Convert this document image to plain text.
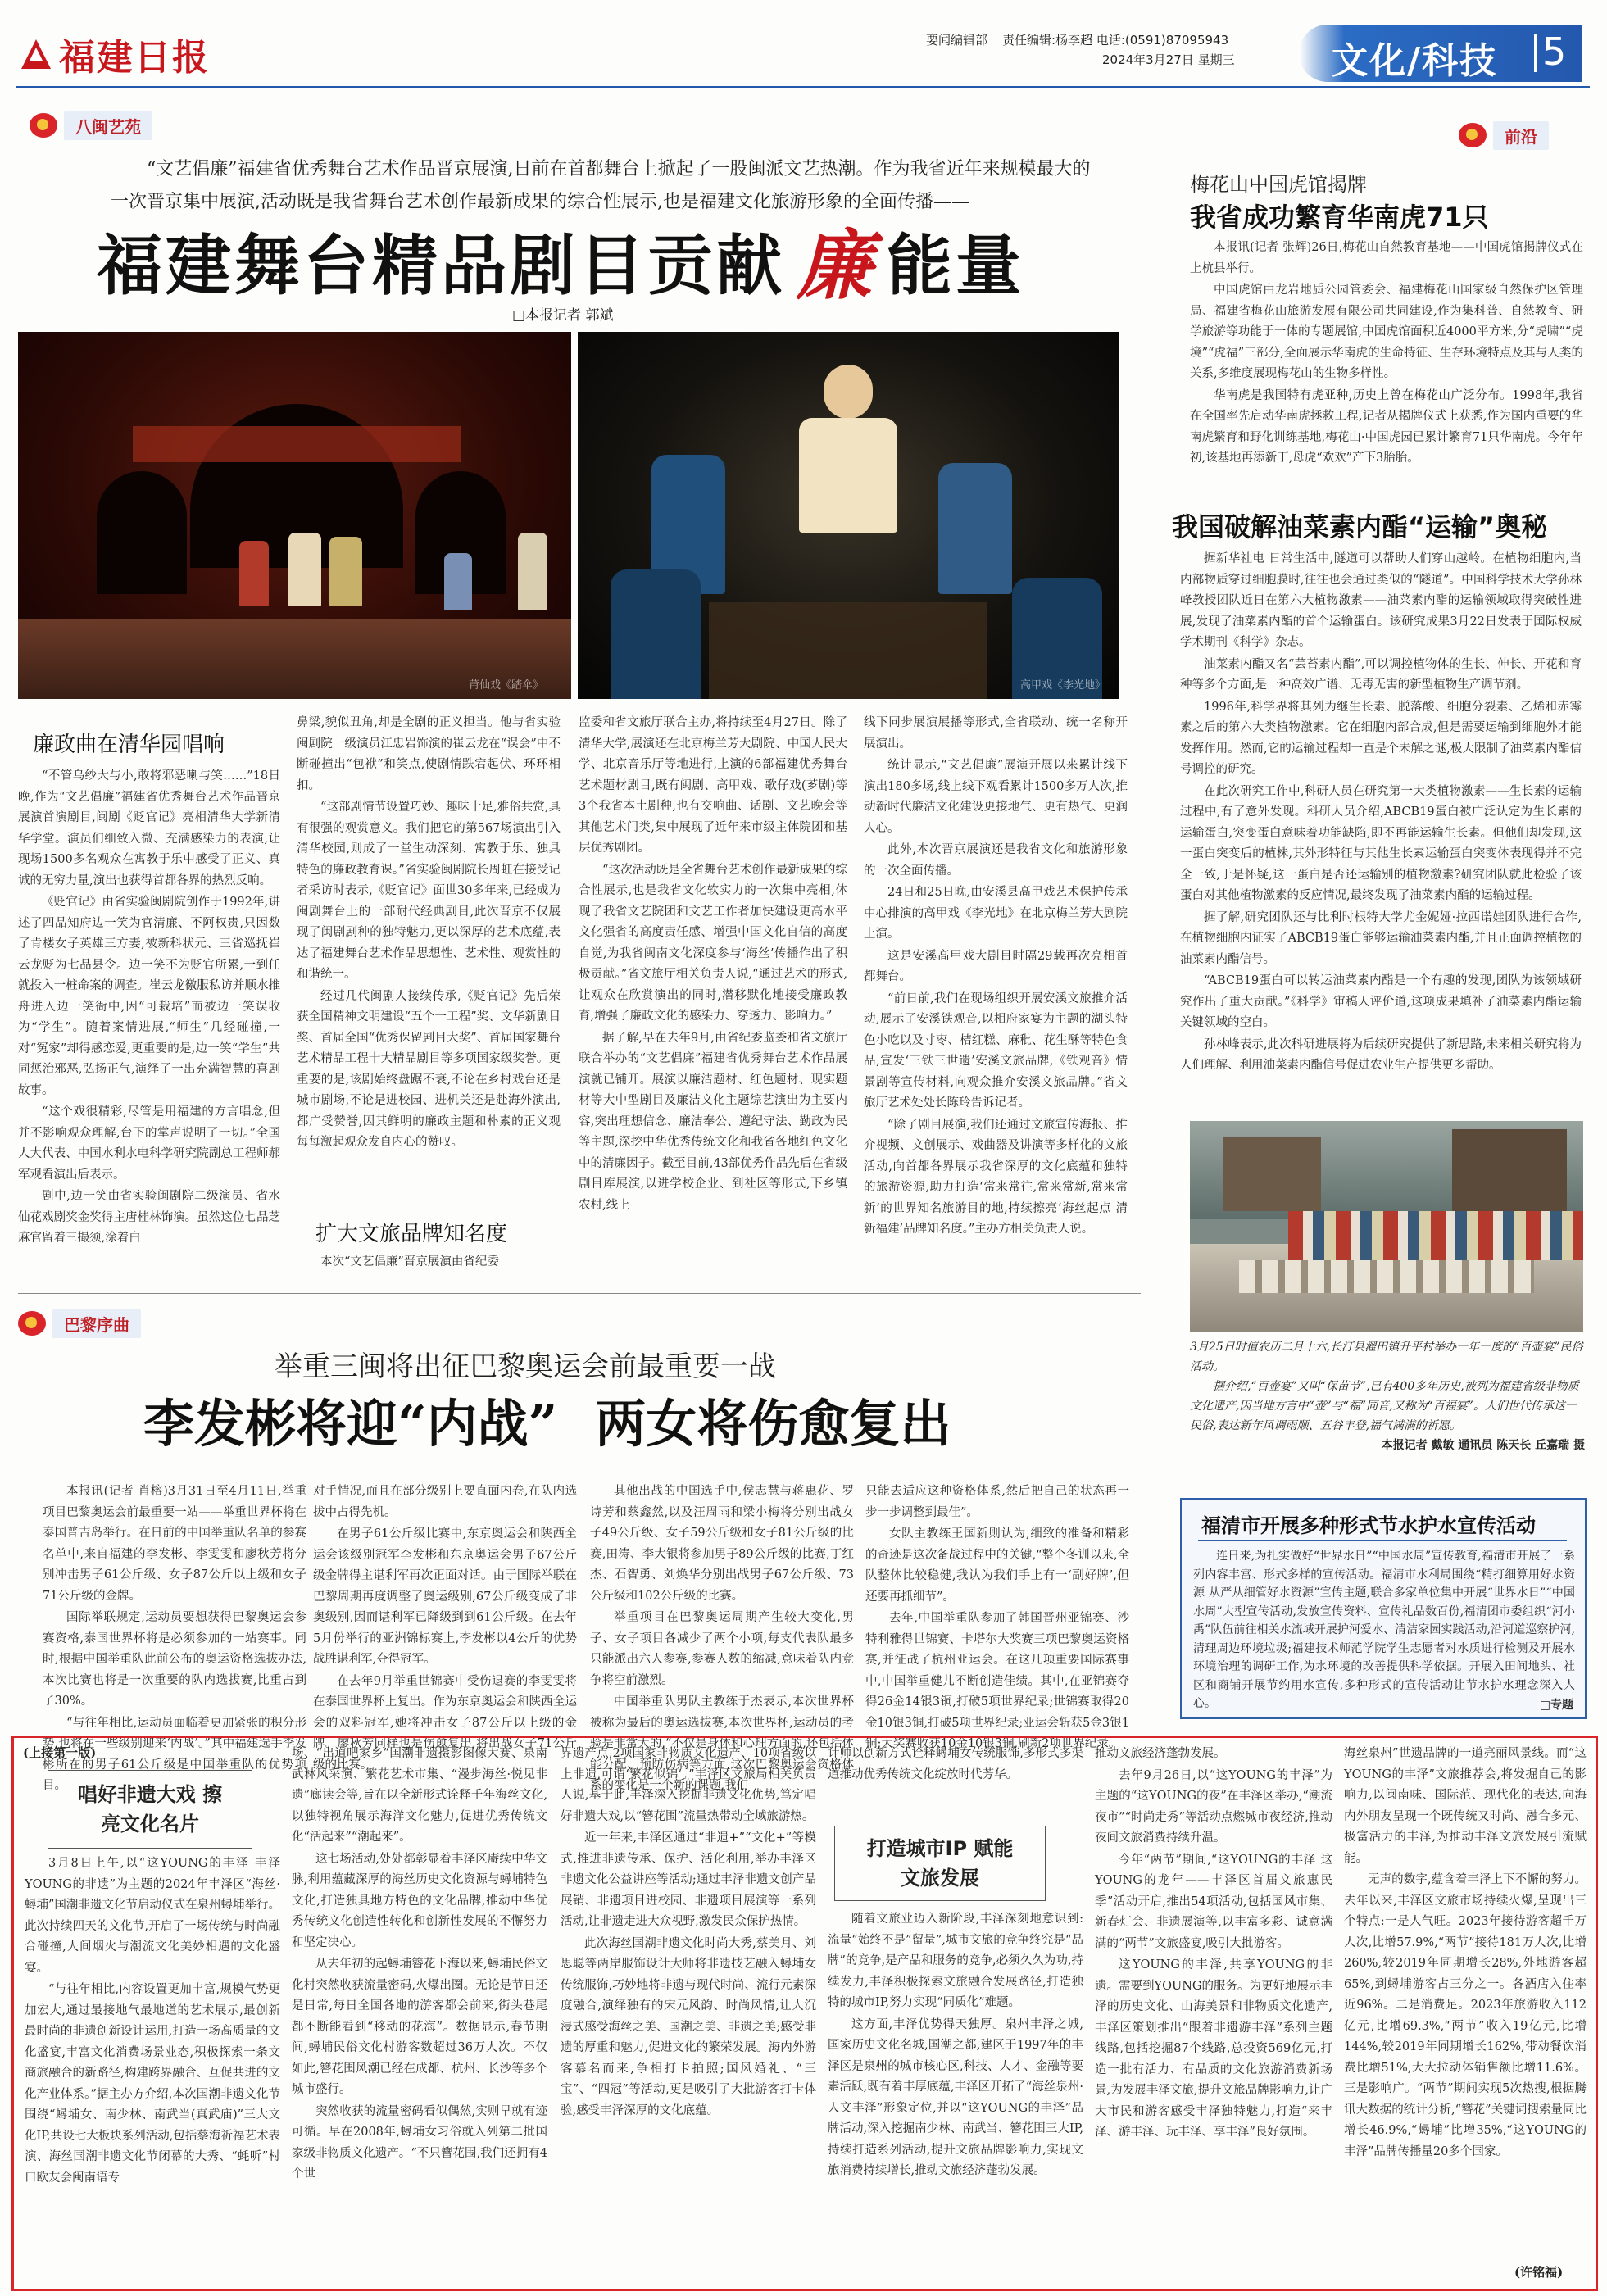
福建日报	要闻编辑部 责任编辑:杨李超 电话:(0591)87095943
2024年3月27日 星期三	文化/科技 5
八闽艺苑
“文艺倡廉”福建省优秀舞台艺术作品晋京展演,日前在首都舞台上掀起了一股闽派文艺热潮。作为我省近年来规模最大的一次晋京集中展演,活动既是我省舞台艺术创作最新成果的综合性展示,也是福建文化旅游形象的全面传播——
福建舞台精品剧目贡献 廉 能量
□本报记者 郭斌
莆仙戏《踏伞》	高甲戏《李光地》
廉政曲在清华园唱响

“不管乌纱大与小,敢将邪恶喇与笑……”18日晚,作为“文艺倡廉”福建省优秀舞台艺术作品晋京展演首演剧目,闽剧《贬官记》亮相清华大学新清华学堂。演员们细致入微、充满感染力的表演,让现场1500多名观众在寓教于乐中感受了正义、真诚的无穷力量,演出也获得首都各界的热烈反响。

《贬官记》由省实验闽剧院创作于1992年,讲述了四品知府边一笑为官清廉、不阿权贵,只因数了肯楼女子英雄三方妻,被新科状元、三省巡抚崔云龙贬为七品县令。边一笑不为贬官所累,一到任就投入一桩命案的调查。崔云龙徼服私访并顺水推舟进入边一笑衙中,因“可栽培”而被边一笑误收为“学生”。随着案情进展,“师生”几经碰撞,一对“冤家”却得感恋爱,更重要的是,边一笑“学生”共同惩治邪恶,弘扬正气,演绎了一出充满智慧的喜剧故事。

“这个戏很精彩,尽管是用福建的方言唱念,但并不影响观众理解,台下的掌声说明了一切。”全国人大代表、中国水利水电科学研究院副总工程师郝军观看演出后表示。

剧中,边一笑由省实验闽剧院二级演员、省水仙花戏剧奖金奖得主唐桂林饰演。虽然这位七品芝麻官留着三撮须,涂着白

鼻梁,貌似丑角,却是全剧的正义担当。他与省实验闽剧院一级演员江忠岩饰演的崔云龙在“误会”中不断碰撞出“包袱”和笑点,使剧情跌宕起伏、环环相扣。

“这部剧情节设置巧妙、趣味十足,雅俗共赏,具有很强的观赏意义。我们把它的第567场演出引入清华校园,则成了一堂生动深刻、寓教于乐、独具特色的廉政教育课。”省实验闽剧院长周虹在接受记者采访时表示,《贬官记》面世30多年来,已经成为闽剧舞台上的一部耐代经典剧目,此次晋京不仅展现了闽剧剧种的独特魅力,更以深厚的艺术底蕴,表达了福建舞台艺术作品思想性、艺术性、观赏性的和谐统一。

经过几代闽剧人接续传承,《贬官记》先后荣获全国精神文明建设“五个一工程”奖、文华新剧目奖、首届全国“优秀保留剧目大奖”、首届国家舞台艺术精品工程十大精品剧目等多项国家级奖誉。更重要的是,该剧始终盘踞不衰,不论在乡村戏台还是城市剧场,不论是进校园、进机关还是赴海外演出,都广受赞誉,因其鲜明的廉政主题和朴素的正义观每每激起观众发自内心的赞叹。

扩大文旅品牌知名度

本次“文艺倡廉”晋京展演由省纪委

监委和省文旅厅联合主办,将持续至4月27日。除了清华大学,展演还在北京梅兰芳大剧院、中国人民大学、北京音乐厅等地进行,上演的6部福建优秀舞台艺术题材剧目,既有闽剧、高甲戏、歌仔戏(芗剧)等3个我省本土剧种,也有交响曲、话剧、文艺晚会等其他艺术门类,集中展现了近年来市级主体院团和基层优秀剧团。

“这次活动既是全省舞台艺术创作最新成果的综合性展示,也是我省文化软实力的一次集中亮相,体现了我省文艺院团和文艺工作者加快建设更高水平文化强省的高度责任感、增强中国文化自信的高度自觉,为我省闽南文化深度参与‘海丝’传播作出了积极贡献。”省文旅厅相关负责人说,“通过艺术的形式,让观众在欣赏演出的同时,潜移默化地接受廉政教育,增强了廉政文化的感染力、穿透力、影响力。”

据了解,早在去年9月,由省纪委监委和省文旅厅联合举办的“文艺倡廉”福建省优秀舞台艺术作品展演就已铺开。展演以廉洁题材、红色题材、现实题材等大中型剧目及廉洁文化主题综艺演出为主要内容,突出理想信念、廉洁奉公、遵纪守法、勤政为民等主题,深挖中华优秀传统文化和我省各地红色文化中的清廉因子。截至目前,43部优秀作品先后在省级剧目库展演,以进学校企业、到社区等形式,下乡镇农村,线上

线下同步展演展播等形式,全省联动、统一名称开展演出。

统计显示,“文艺倡廉”展演开展以来累计线下演出180多场,线上线下观看累计1500多万人次,推动新时代廉洁文化建设更接地气、更有热气、更润人心。

此外,本次晋京展演还是我省文化和旅游形象的一次全面传播。

24日和25日晚,由安溪县高甲戏艺术保护传承中心排演的高甲戏《李光地》在北京梅兰芳大剧院上演。

这是安溪高甲戏大剧目时隔29载再次亮相首都舞台。

“前日前,我们在现场组织开展安溪文旅推介活动,展示了安溪铁观音,以相府家宴为主题的湖头特色小吃以及寸枣、桔红糕、麻秕、花生酥等特色食品,宣发‘三铁三世遗’安溪文旅品牌,《铁观音》情景剧等宣传材料,向观众推介安溪文旅品牌。”省文旅厅艺术处处长陈玲告诉记者。

“除了剧目展演,我们还通过文旅宣传海报、推介视频、文创展示、戏曲器及讲演等多样化的文旅活动,向首都各界展示我省深厚的文化底蕴和独特的旅游资源,助力打造‘常来常往,常来常新,常来常新’的世界知名旅游目的地,持续擦亮‘海丝起点 清新福建’品牌知名度。”主办方相关负责人说。

前沿
梅花山中国虎馆揭牌
我省成功繁育华南虎71只

本报讯(记者 张辉)26日,梅花山自然教育基地——中国虎馆揭牌仪式在上杭县举行。

中国虎馆由龙岩地质公园管委会、福建梅花山国家级自然保护区管理局、福建省梅花山旅游发展有限公司共同建设,作为集科普、自然教育、研学旅游等功能于一体的专题展馆,中国虎馆面积近4000平方米,分“虎啸”“虎境”“虎福”三部分,全面展示华南虎的生命特征、生存环境特点及其与人类的关系,多维度展现梅花山的生物多样性。

华南虎是我国特有虎亚种,历史上曾在梅花山广泛分布。1998年,我省在全国率先启动华南虎拯救工程,记者从揭牌仪式上获悉,作为国内重要的华南虎繁育和野化训练基地,梅花山·中国虎园已累计繁育71只华南虎。今年年初,该基地再添新丁,母虎“欢欢”产下3胎胎。

我国破解油菜素内酯“运输”奥秘

据新华社电 日常生活中,隧道可以帮助人们穿山越岭。在植物细胞内,当内部物质穿过细胞膜时,往往也会通过类似的“隧道”。中国科学技术大学孙林峰教授团队近日在第六大植物激素——油菜素内酯的运输领域取得突破性进展,发现了油菜素内酯的首个运输蛋白。该研究成果3月22日发表于国际权威学术期刊《科学》杂志。

油菜素内酯又名“芸苔素内酯”,可以调控植物体的生长、伸长、开花和育种等多个方面,是一种高效广谱、无毒无害的新型植物生产调节剂。

1996年,科学界将其列为继生长素、脱落酸、细胞分裂素、乙烯和赤霉素之后的第六大类植物激素。它在细胞内部合成,但是需要运输到细胞外才能发挥作用。然而,它的运输过程却一直是个未解之谜,极大限制了油菜素内酯信号调控的研究。

在此次研究工作中,科研人员在研究第一大类植物激素——生长素的运输过程中,有了意外发现。科研人员介绍,ABCB19蛋白被广泛认定为生长素的运输蛋白,突变蛋白意味着功能缺陷,即不再能运输生长素。但他们却发现,这一蛋白突变后的植株,其外形特征与其他生长素运输蛋白突变体表现得并不完全一致,于是怀疑,这一蛋白是否还运输别的植物激素?研究团队就此检验了该蛋白对其他植物激素的反应情况,最终发现了油菜素内酯的运输过程。

据了解,研究团队还与比利时根特大学尤金妮娅·拉西诺娃团队进行合作,在植物细胞内证实了ABCB19蛋白能够运输油菜素内酯,并且正面调控植物的油菜素内酯信号。

“ABCB19蛋白可以转运油菜素内酯是一个有趣的发现,团队为该领域研究作出了重大贡献。”《科学》审稿人评价道,这项成果填补了油菜素内酯运输关键领域的空白。

孙林峰表示,此次科研进展将为后续研究提供了新思路,未来相关研究将为人们理解、利用油菜素内酯信号促进农业生产提供更多帮助。

3月25日时值农历二月十六,长汀县濯田镇升平村举办一年一度的“百壶宴”民俗活动。
据介绍,“百壶宴”又叫“保苗节”,已有400多年历史,被列为福建省级非物质文化遗产,因当地方言中“壶”与“福”同音,又称为“百福宴”。人们世代传承这一民俗,表达新年风调雨顺、五谷丰登,福气满满的祈愿。
本报记者 戴敏 通讯员 陈天长 丘嘉瑞 摄
福清市开展多种形式节水护水宣传活动

连日来,为扎实做好“世界水日”“中国水周”宣传教育,福清市开展了一系列内容丰富、形式多样的宣传活动。福清市水利局围绕“精打细算用好水资源 从严从细管好水资源”宣传主题,联合多家单位集中开展“世界水日”“中国水周”大型宣传活动,发放宣传资料、宣传礼品数百份,福清团市委组织“河小禹”队伍前往相关水流域开展护河爱水、清洁家园实践活动,沿河道巡察护河,清理周边环境垃圾;福建技术师范学院学生志愿者对水质进行检测及开展水环境治理的调研工作,为水环境的改善提供科学依据。开展入田间地头、社区和商铺开展节约用水宣传,多种形式的宣传活动让节水护水理念深入人心。	□专题
巴黎序曲
举重三闽将出征巴黎奥运会前最重要一战
李发彬将迎“内战” 两女将伤愈复出

本报讯(记者 肖榕)3月31日至4月11日,举重项目巴黎奥运会前最重要一站——举重世界杯将在泰国普吉岛举行。在日前的中国举重队名单的参赛名单中,来自福建的李发彬、李雯雯和廖秋芳将分别冲击男子61公斤级、女子87公斤以上级和女子71公斤级的金牌。

国际举联规定,运动员要想获得巴黎奥运会参赛资格,泰国世界杯将是必须参加的一站赛事。同时,根据中国举重队此前公布的奥运资格选拔办法,本次比赛也将是一次重要的队内选拔赛,比重占到了30%。

“与往年相比,运动员面临着更加紧张的积分形势,也将在一些级别迎来‘内战’。”其中福建选手李发彬所在的男子61公斤级是中国举重队的优势项目。

对手情况,而且在部分级别上要直面内卷,在队内选拔中占得先机。

在男子61公斤级比赛中,东京奥运会和陕西全运会该级别冠军李发彬和东京奥运会男子67公斤级金牌得主谌利军再次正面对话。由于国际举联在巴黎周期再度调整了奥运级别,67公斤级变成了非奥级别,因而谌利军已降级到到61公斤级。在去年5月份举行的亚洲锦标赛上,李发彬以4公斤的优势战胜谌利军,夺得冠军。

在去年9月举重世锦赛中受伤退赛的李雯雯将在泰国世界杯上复出。作为东京奥运会和陕西全运会的双料冠军,她将冲击女子87公斤以上级的金牌。廖秋芳同样也是伤愈复出,将出战女子71公斤级的比赛。

其他出战的中国选手中,侯志慧与蒋惠花、罗诗芳和蔡鑫然,以及汪周雨和梁小梅将分别出战女子49公斤级、女子59公斤级和女子81公斤级的比赛,田涛、李大银将参加男子89公斤级的比赛,丁红杰、石智勇、刘焕华分别出战男子67公斤级、73公斤级和102公斤级的比赛。

举重项目在巴黎奥运周期产生较大变化,男子、女子项目各减少了两个小项,每支代表队最多只能派出六人参赛,参赛人数的缩减,意味着队内竞争将空前激烈。

中国举重队男队主教练于杰表示,本次世界杯被称为最后的奥运选拔赛,本次世界杯,运动员的考验是非常大的,“不仅是身体和心理方面的,还包括体能分配、预防伤病等方面,这次巴黎奥运会资格体系的变化是一个新的课题,我们

只能去适应这种资格体系,然后把自己的状态再一步一步调整到最佳”。

女队主教练王国新则认为,细致的准备和精彩的奇迹是这次备战过程中的关键,“整个冬训以来,全队整体比较稳健,我认为我们手上有一‘副好牌’,但还要再抓细节”。

去年,中国举重队参加了韩国晋州亚锦赛、沙特利雅得世锦赛、卡塔尔大奖赛三项巴黎奥运资格赛,并征战了杭州亚运会。在这几项重要国际赛事中,中国举重健儿不断创造佳绩。其中,在亚锦赛夺得26金14银3铜,打破5项世界纪录;世锦赛取得20金10银3铜,打破5项世界纪录;亚运会斩获5金3银1铜;大奖赛收获10金10银3铜,刷新2项世界纪录。

(上接第一版)
唱好非遗大戏 擦亮文化名片

3月8日上午,以“这YOUNG的丰泽 丰泽YOUNG的非遗”为主题的2024年丰泽区“海丝·蟳埔”国潮非遗文化节启动仪式在泉州蟳埔举行。此次持续四天的文化节,开启了一场传统与时尚融合碰撞,人间烟火与潮流文化美妙相遇的文化盛宴。

“与往年相比,内容设置更加丰富,规模气势更加宏大,通过最接地气最地道的艺术展示,最创新最时尚的非遗创新设计运用,打造一场高质量的文化盛宴,丰富文化消费场景业态,积极探索一条文商旅融合的新路径,构建跨界融合、互促共进的文化产业体系。”据主办方介绍,本次国潮非遗文化节围绕“蟳埔女、南少林、南武当(真武庙)”三大文化IP,共设七大板块系列活动,包括蔡海祈福艺术表演、海丝国潮非遗文化节闭幕的大秀、“蚝听”村口欧友会闽南语专

场、“出道吧家乡”国潮非遗摄影图像大赛、泉南武林风采演、繁花艺术市集、“漫步海丝·悦见非遗”廊读会等,旨在以全新形式诠释千年海丝文化,以独特视角展示海洋文化魅力,促进优秀传统文化“活起来”“潮起来”。

这七场活动,处处都彰显着丰泽区赓续中华文脉,利用蕴藏深厚的海丝历史文化资源与蟳埔特色文化,打造独具地方特色的文化品牌,推动中华优秀传统文化创造性转化和创新性发展的不懈努力和坚定决心。

从去年初的起蟳埔簪花下海以来,蟳埔民俗文化村突然收获流量密码,火爆出圈。无论是节日还是日常,每日全国各地的游客都会前来,街头巷尾都不断能看到“移动的花海”。数据显示,春节期间,蟳埔民俗文化村游客数超过36万人次。不仅如此,簪花围风潮已经在成都、杭州、长沙等多个城市盛行。

突然收获的流量密码看似偶然,实则早就有迹可循。早在2008年,蟳埔女习俗就入列第二批国家级非物质文化遗产。“不只簪花围,我们还拥有4个世

界遗产点,2项国家非物质文化遗产、10项省级以上非遗,可谓‘繁花似锦’。”丰泽区文旅局相关负责人说,基于此,丰泽深入挖掘非遗文化优势,笃定唱好非遗大戏,以“簪花围”流量热带动全域旅游热。

近一年来,丰泽区通过“非遗+”“文化+”等模式,推进非遗传承、保护、活化利用,举办丰泽区非遗文化公益讲座等活动;通过丰泽非遗文创产品展销、非遗项目进校园、非遗项目展演等一系列活动,让非遗走进大众视野,激发民众保护热情。

此次海丝国潮非遗文化时尚大秀,蔡美月、刘思聪等两岸服饰设计大师将非遗技艺融入蟳埔女传统服饰,巧妙地将非遗与现代时尚、流行元素深度融合,演绎独有的宋元风韵、时尚风情,让人沉浸式感受海丝之美、国潮之美、非遗之美;感受非遗的厚重和魅力,促进文化的繁荣发展。海内外游客慕名而来,争相打卡拍照;国风婚礼、“三宝”、“四冠”等活动,更是吸引了大批游客打卡体验,感受丰泽深厚的文化底蕴。

打造城市IP 赋能文旅发展

计师以创新方式诠释蟳埔女传统服饰,多形式多渠道推动优秀传统文化绽放时代芳华。

随着文旅业迈入新阶段,丰泽深刻地意识到:流量“始终不是”留量”,城市文旅的竞争终究是“品牌”的竞争,是产品和服务的竞争,必须久久为功,持续发力,丰泽积极探索文旅融合发展路径,打造独特的城市IP,努力实现“同质化”难题。

这方面,丰泽优势得天独厚。泉州丰泽之城,国家历史文化名城,国潮之都,建区于1997年的丰泽区是泉州的城市核心区,科技、人才、金融等要素活跃,既有着丰厚底蕴,丰泽区开拓了“海丝泉州·人文丰泽”形象定位,并以“这YOUNG的丰泽”品牌活动,深入挖掘南少林、南武当、簪花围三大IP,持续打造系列活动,提升文旅品牌影响力,实现文旅消费持续增长,推动文旅经济蓬勃发展。

推动文旅经济蓬勃发展。

去年9月26日,以“这YOUNG的丰泽”为主题的“这YOUNG的夜”在丰泽区举办,“潮流夜市”“时尚走秀”等活动点燃城市夜经济,推动夜间文旅消费持续升温。

今年“两节”期间,“这YOUNG的丰泽 这YOUNG的龙年——丰泽区首届文旅惠民季”活动开启,推出54项活动,包括国风市集、新春灯会、非遗展演等,以丰富多彩、诚意满满的“两节”文旅盛宴,吸引大批游客。

这YOUNG的丰泽,共享YOUNG的非遗。需要到YOUNG的服务。为更好地展示丰泽的历史文化、山海美景和非物质文化遗产,丰泽区策划推出“跟着非遗游丰泽”系列主题线路,包括挖掘87个线路,总投资569亿元,打造一批有活力、有品质的文化旅游消费新场景,为发展丰泽文旅,提升文旅品牌影响力,让广大市民和游客感受丰泽独特魅力,打造“来丰泽、游丰泽、玩丰泽、享丰泽”良好氛围。

海丝泉州”世遗品牌的一道亮丽风景线。而“这YOUNG的丰泽”文旅推荐会,将发掘自己的影响力,以闽南味、国际范、现代化的表达,向海内外朋友呈现一个既传统又时尚、融合多元、极富活力的丰泽,为推动丰泽文旅发展引流赋能。

无声的数字,蕴含着丰泽上下不懈的努力。去年以来,丰泽区文旅市场持续火爆,呈现出三个特点:一是人气旺。2023年接待游客超千万人次,比增57.9%,“两节”接待181万人次,比增260%,较2019年同期增长28%,外地游客超65%,到蟳埔游客占三分之一。各酒店入住率近96%。二是消费足。2023年旅游收入112亿元,比增69.3%,“两节”收入19亿元,比增144%,较2019年同期增长162%,带动餐饮消费比增51%,大大拉动体销售额比增11.6%。三是影响广。“两节”期间实现5次热搜,根据腾讯大数据的统计分析,“簪花”关键词搜索量同比增长46.9%,“蟳埔”比增35%,“这YOUNG的丰泽”品牌传播量20多个国家。

(许铭福)
